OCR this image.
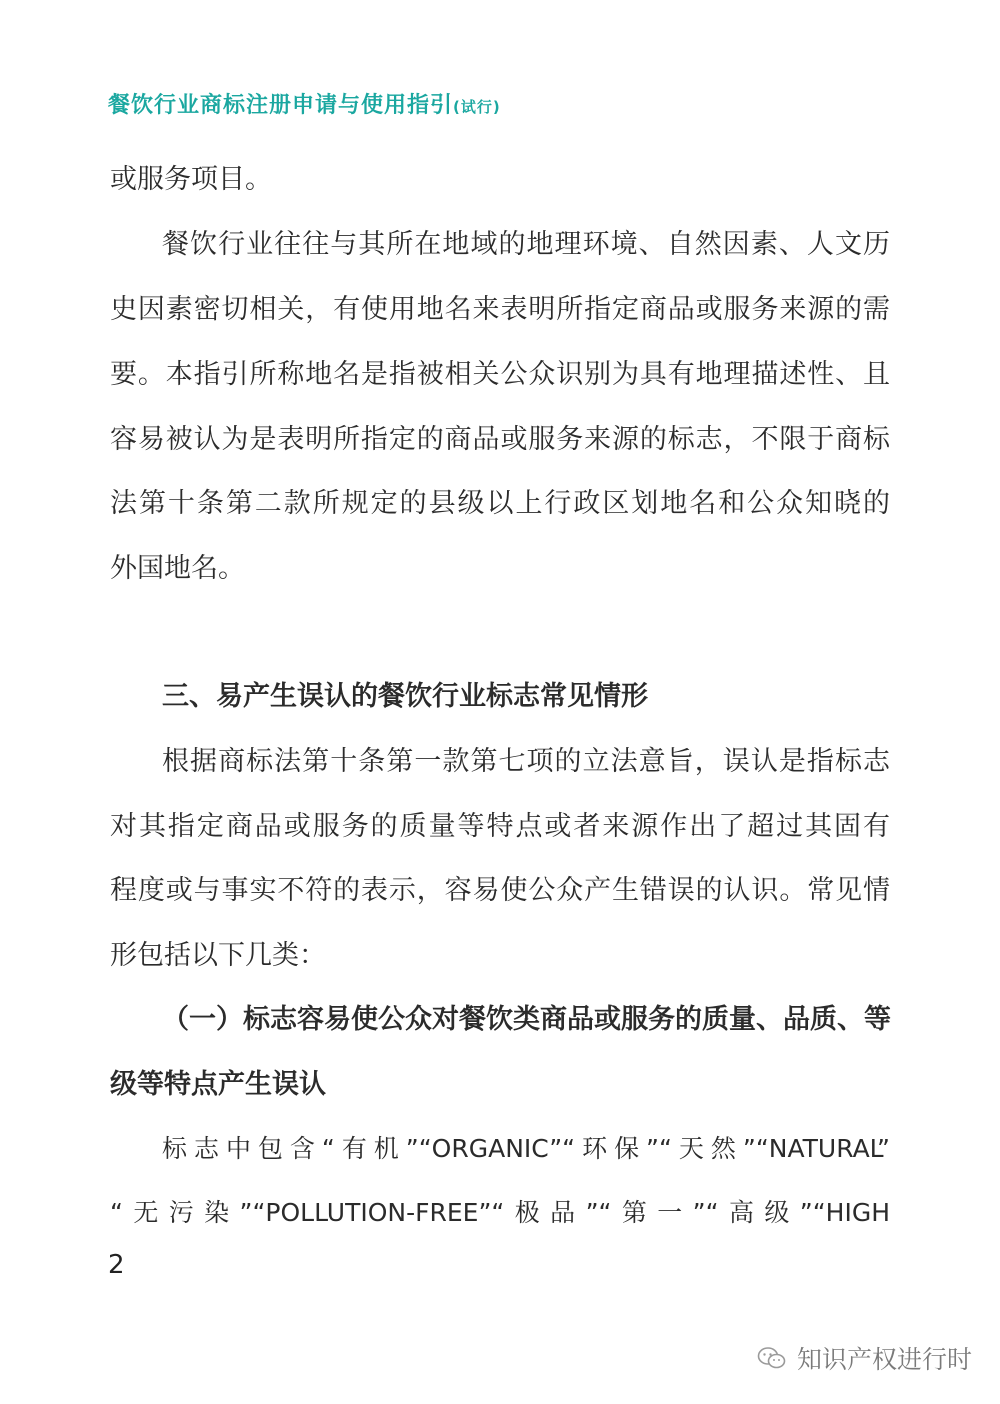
餐饮行业商标注册申请与使用指引(试行)
或服务项目。
餐饮行业往往与其所在地域的地理环境、自然因素、人文历
史因素密切相关，有使用地名来表明所指定商品或服务来源的需
要。本指引所称地名是指被相关公众识别为具有地理描述性、且
容易被认为是表明所指定的商品或服务来源的标志，不限于商标
法第十条第二款所规定的县级以上行政区划地名和公众知晓的
外国地名。
三、易产生误认的餐饮行业标志常见情形
根据商标法第十条第一款第七项的立法意旨，误认是指标志
对其指定商品或服务的质量等特点或者来源作出了超过其固有
程度或与事实不符的表示，容易使公众产生错误的认识。常见情
形包括以下几类：
（一）标志容易使公众对餐饮类商品或服务的质量、品质、等
级等特点产生误认
标志中包含“有机”“ORGANIC”“环保”“天然”“NATURAL”
“无污染”“POLLUTION-FREE”“极品”“第一”“高级”“HIGH
2
知识产权进行时
